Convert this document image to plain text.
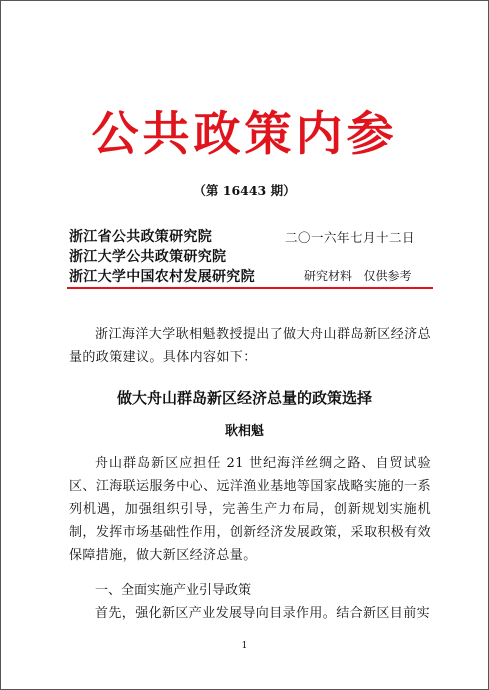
公共政策内参
（第 16443 期）
浙江省公共政策研究院
浙江大学公共政策研究院
浙江大学中国农村发展研究院
二〇一六年七月十二日
研究材料   仅供参考
浙江海洋大学耿相魁教授提出了做大舟山群岛新区经济总量的政策建议。具体内容如下：
做大舟山群岛新区经济总量的政策选择
耿相魁
舟山群岛新区应担任 21 世纪海洋丝绸之路、自贸试验区、江海联运服务中心、远洋渔业基地等国家战略实施的一系列机遇，加强组织引导，完善生产力布局，创新规划实施机制，发挥市场基础性作用，创新经济发展政策，采取积极有效保障措施，做大新区经济总量。
一、全面实施产业引导政策
首先，强化新区产业发展导向目录作用。结合新区目前实
1
